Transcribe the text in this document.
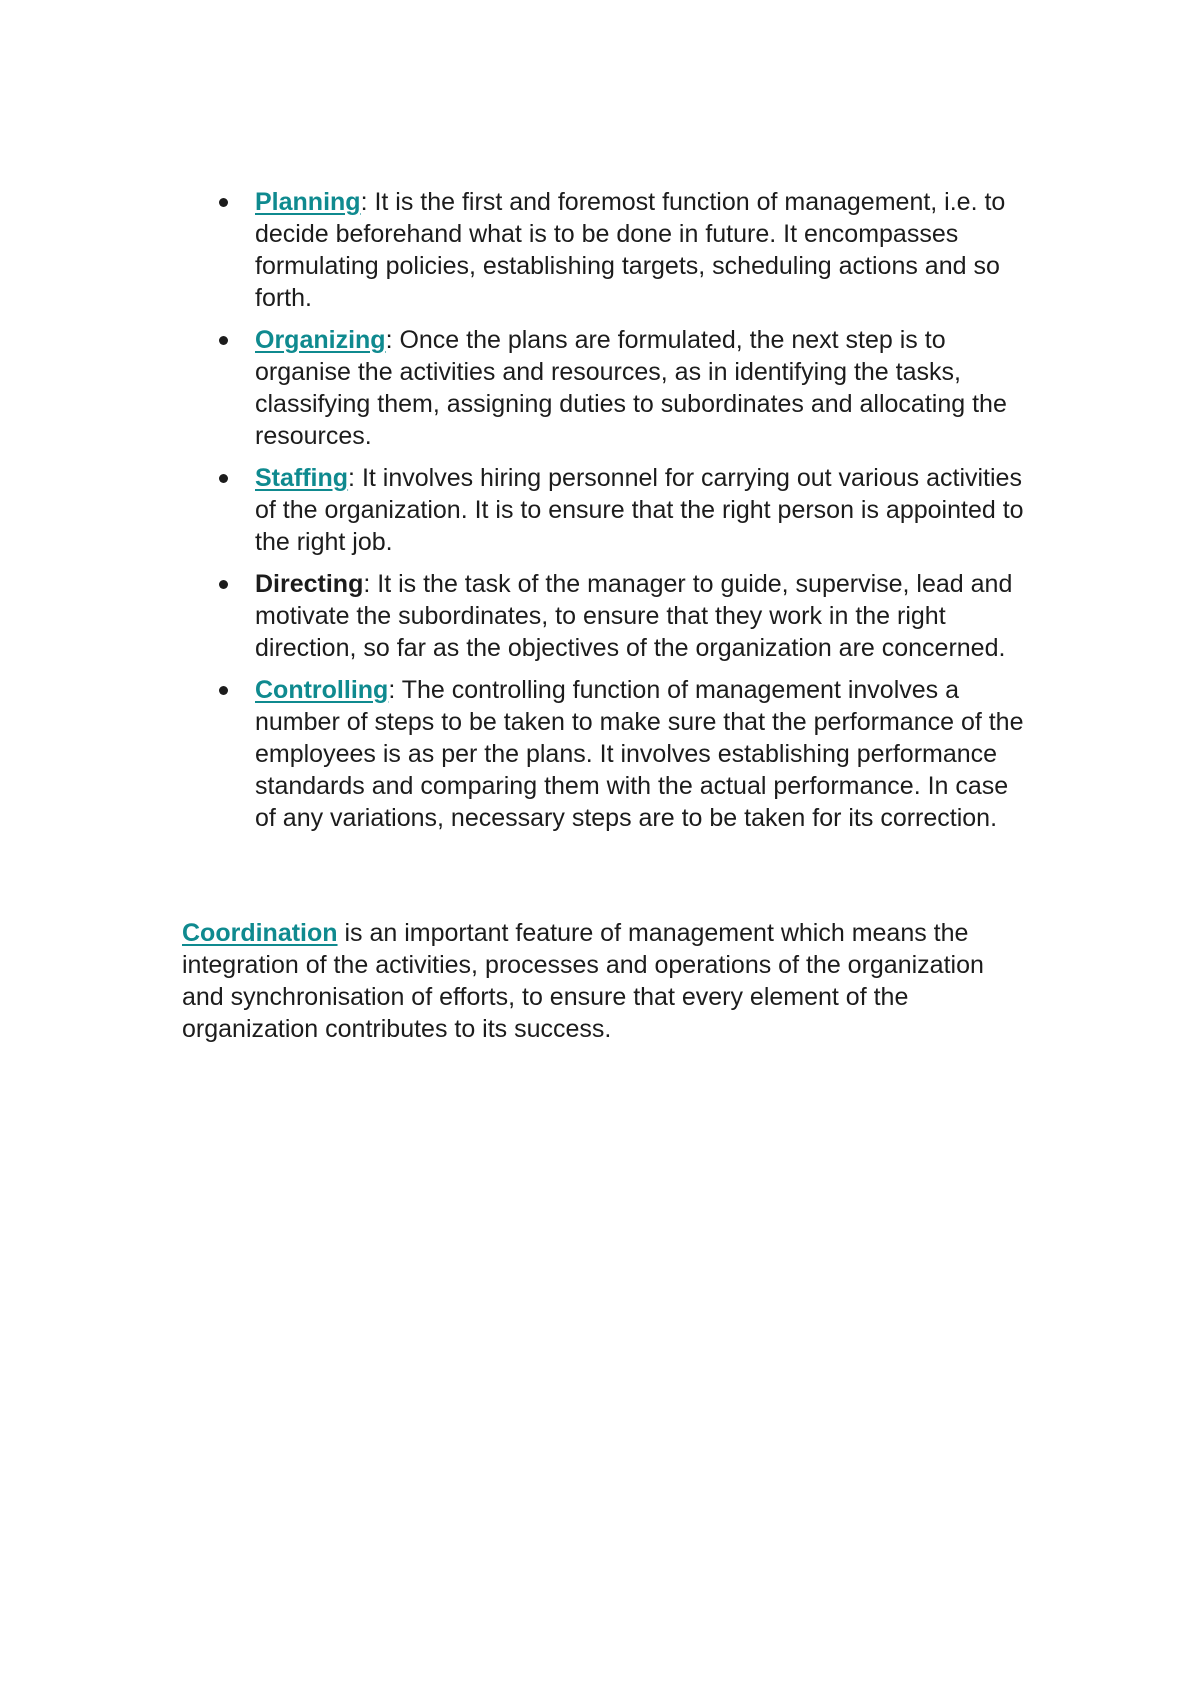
Planning: It is the first and foremost function of management, i.e. to decide beforehand what is to be done in future. It encompasses formulating policies, establishing targets, scheduling actions and so forth.
Organizing: Once the plans are formulated, the next step is to organise the activities and resources, as in identifying the tasks, classifying them, assigning duties to subordinates and allocating the resources.
Staffing: It involves hiring personnel for carrying out various activities of the organization. It is to ensure that the right person is appointed to the right job.
Directing: It is the task of the manager to guide, supervise, lead and motivate the subordinates, to ensure that they work in the right direction, so far as the objectives of the organization are concerned.
Controlling: The controlling function of management involves a number of steps to be taken to make sure that the performance of the employees is as per the plans. It involves establishing performance standards and comparing them with the actual performance. In case of any variations, necessary steps are to be taken for its correction.

Coordination is an important feature of management which means the integration of the activities, processes and operations of the organization and synchronisation of efforts, to ensure that every element of the organization contributes to its success.
